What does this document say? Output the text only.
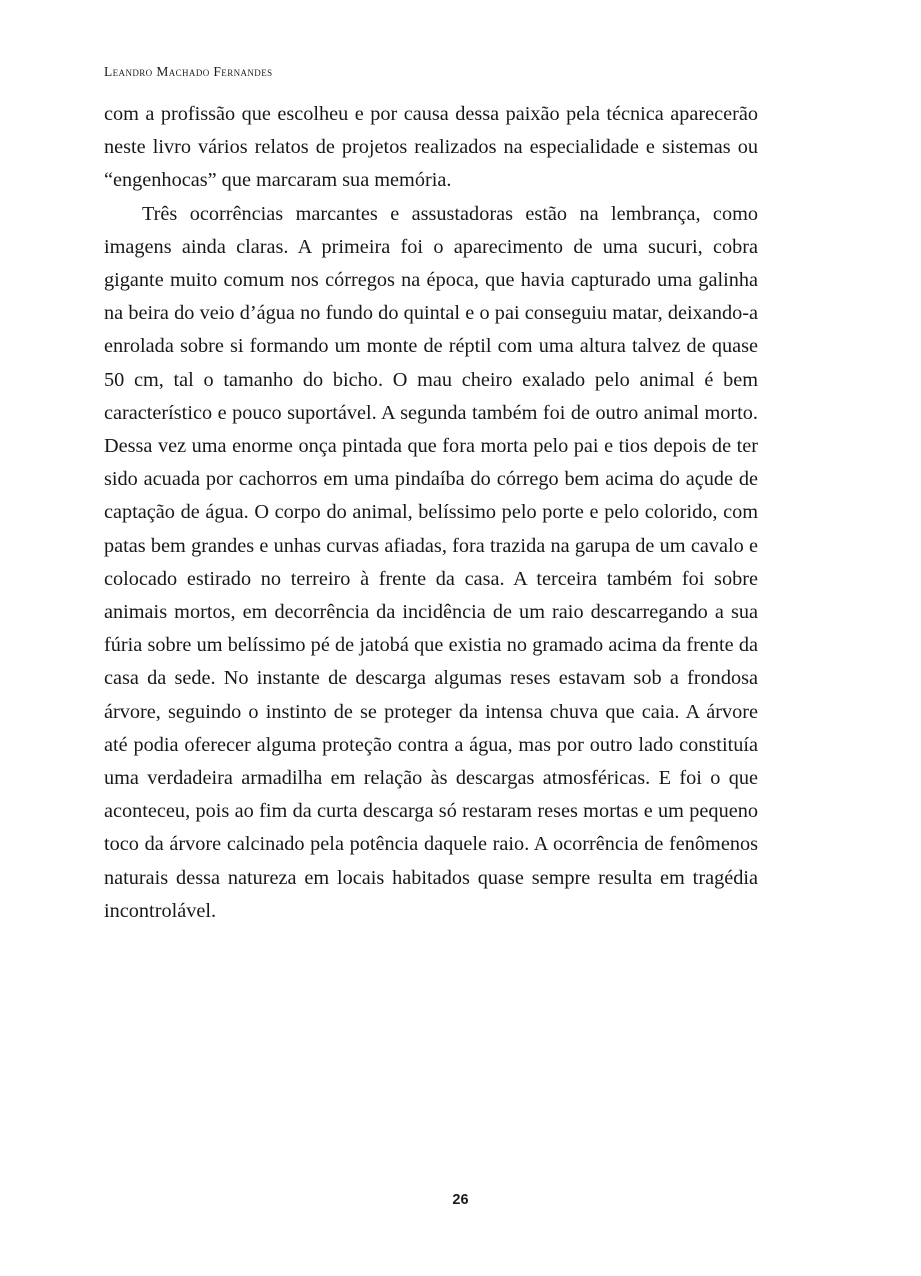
Leandro Machado Fernandes

com a profissão que escolheu e por causa dessa paixão pela técnica aparecerão neste livro vários relatos de projetos realizados na especialidade e sistemas ou “engenhocas” que marcaram sua memória.

Três ocorrências marcantes e assustadoras estão na lembrança, como imagens ainda claras. A primeira foi o aparecimento de uma sucuri, cobra gigante muito comum nos córregos na época, que havia capturado uma galinha na beira do veio d’água no fundo do quintal e o pai conseguiu matar, deixando-a enrolada sobre si formando um monte de réptil com uma altura talvez de quase 50 cm, tal o tamanho do bicho. O mau cheiro exalado pelo animal é bem característico e pouco suportável. A segunda também foi de outro animal morto. Dessa vez uma enorme onça pintada que fora morta pelo pai e tios depois de ter sido acuada por cachorros em uma pindaíba do córrego bem acima do açude de captação de água. O corpo do animal, belíssimo pelo porte e pelo colorido, com patas bem grandes e unhas curvas afiadas, fora trazida na garupa de um cavalo e colocado estirado no terreiro à frente da casa. A terceira também foi sobre animais mortos, em decorrência da incidência de um raio descarregando a sua fúria sobre um belíssimo pé de jatobá que existia no gramado acima da frente da casa da sede. No instante de descarga algumas reses estavam sob a frondosa árvore, seguindo o instinto de se proteger da intensa chuva que caia. A árvore até podia oferecer alguma proteção contra a água, mas por outro lado constituía uma verdadeira armadilha em relação às descargas atmosféricas. E foi o que aconteceu, pois ao fim da curta descarga só restaram reses mortas e um pequeno toco da árvore calcinado pela potência daquele raio. A ocorrência de fenômenos naturais dessa natureza em locais habitados quase sempre resulta em tragédia incontrolável.

26
